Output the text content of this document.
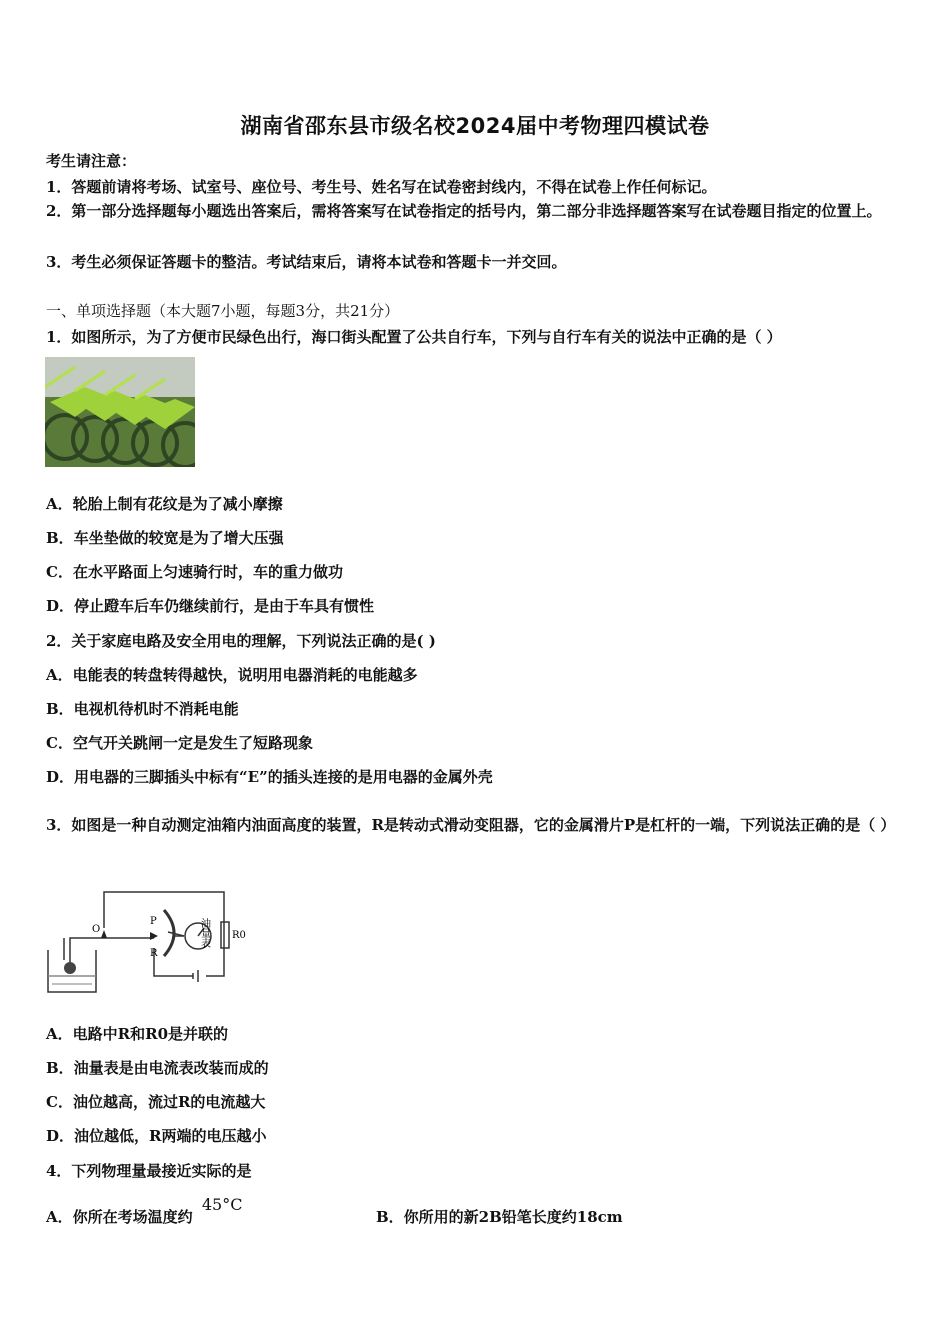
湖南省邵东县市级名校2024届中考物理四模试卷
考生请注意：
1．答题前请将考场、试室号、座位号、考生号、姓名写在试卷密封线内，不得在试卷上作任何标记。
2．第一部分选择题每小题选出答案后，需将答案写在试卷指定的括号内，第二部分非选择题答案写在试卷题目指定的位置上。
3．考生必须保证答题卡的整洁。考试结束后，请将本试卷和答题卡一并交回。
一、单项选择题（本大题7小题，每题3分，共21分）
1．如图所示，为了方便市民绿色出行，海口街头配置了公共自行车，下列与自行车有关的说法中正确的是（ ）
A．轮胎上制有花纹是为了减小摩擦
B．车坐垫做的较宽是为了增大压强
C．在水平路面上匀速骑行时，车的重力做功
D．停止蹬车后车仍继续前行，是由于车具有惯性
2．关于家庭电路及安全用电的理解，下列说法正确的是( )
A．电能表的转盘转得越快，说明用电器消耗的电能越多
B．电视机待机时不消耗电能
C．空气开关跳闸一定是发生了短路现象
D．用电器的三脚插头中标有“E”的插头连接的是用电器的金属外壳
3．如图是一种自动测定油箱内油面高度的装置，R是转动式滑动变阻器，它的金属滑片P是杠杆的一端，下列说法正确的是（ ）
O
P
R
R0
油量表
A．电路中R和R0是并联的
B．油量表是由电流表改装而成的
C．油位越高，流过R的电流越大
D．油位越低，R两端的电压越小
4．下列物理量最接近实际的是
A．你所在考场温度约 45°C
B．你所用的新2B铅笔长度约18cm
